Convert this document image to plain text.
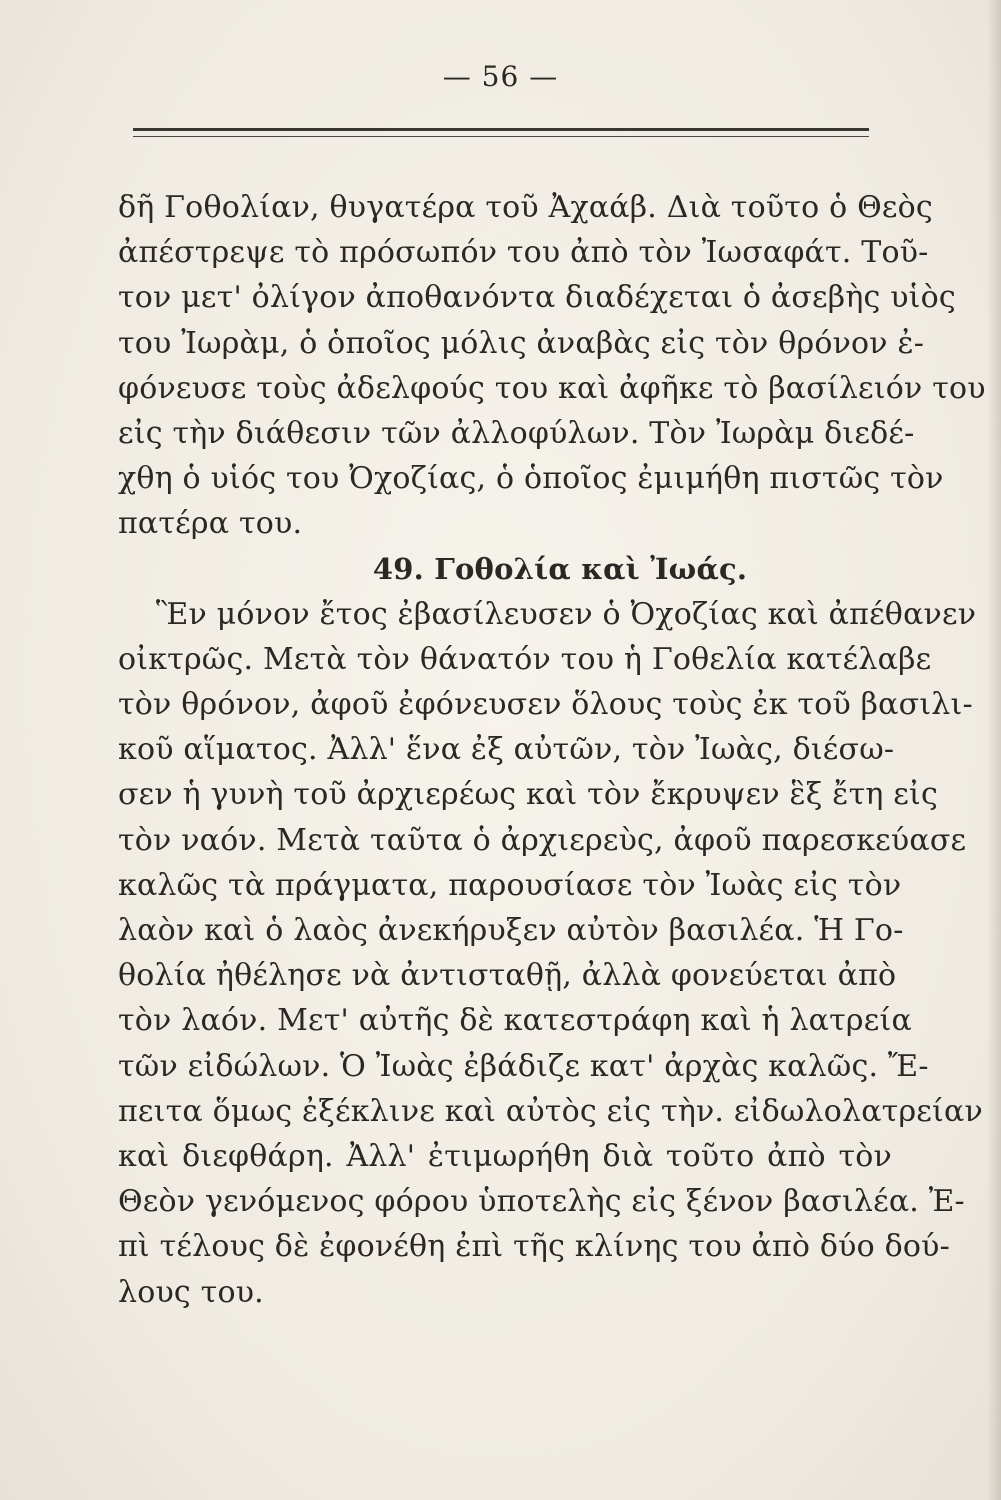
— 56 —
δῆ Γοθολίαν, θυγατέρα τοῦ Ἀχαάβ. Διὰ τοῦτο ὁ Θεὸς
ἀπέστρεψε τὸ πρόσωπόν του ἀπὸ τὸν Ἰωσαφάτ. Τοῦ-
τον μετ' ὀλίγον ἀποθανόντα διαδέχεται ὁ ἀσεβὴς υἱὸς
του Ἰωρὰμ, ὁ ὁποῖος μόλις ἀναβὰς εἰς τὸν θρόνον ἐ-
φόνευσε τοὺς ἀδελφούς του καὶ ἀφῆκε τὸ βασίλειόν του
εἰς τὴν διάθεσιν τῶν ἀλλοφύλων. Τὸν Ἰωρὰμ διεδέ-
χθη ὁ υἱός του Ὀχοζίας, ὁ ὁποῖος ἐμιμήθη πιστῶς τὸν
πατέρα του.
49. Γοθολία καὶ Ἰωάς.
Ἓν μόνον ἔτος ἐβασίλευσεν ὁ Ὀχοζίας καὶ ἀπέθανεν
οἰκτρῶς. Μετὰ τὸν θάνατόν του ἡ Γοθελία κατέλαβε
τὸν θρόνον, ἀφοῦ ἐφόνευσεν ὅλους τοὺς ἐκ τοῦ βασιλι-
κοῦ αἵματος. Ἀλλ' ἕνα ἐξ αὐτῶν, τὸν Ἰωὰς, διέσω-
σεν ἡ γυνὴ τοῦ ἀρχιερέως καὶ τὸν ἔκρυψεν ἓξ ἔτη εἰς
τὸν ναόν. Μετὰ ταῦτα ὁ ἀρχιερεὺς, ἀφοῦ παρεσκεύασε
καλῶς τὰ πράγματα, παρουσίασε τὸν Ἰωὰς εἰς τὸν
λαὸν καὶ ὁ λαὸς ἀνεκήρυξεν αὐτὸν βασιλέα. Ἡ Γο-
θολία ἠθέλησε νὰ ἀντισταθῇ, ἀλλὰ φονεύεται ἀπὸ
τὸν λαόν. Μετ' αὐτῆς δὲ κατεστράφη καὶ ἡ λατρεία
τῶν εἰδώλων. Ὁ Ἰωὰς ἐβάδιζε κατ' ἀρχὰς καλῶς. Ἔ-
πειτα ὅμως ἐξέκλινε καὶ αὐτὸς εἰς τὴν. εἰδωλολατρείαν
καὶ διεφθάρη. Ἀλλ' ἐτιμωρήθη διὰ τοῦτο ἀπὸ τὸν
Θεὸν γενόμενος φόρου ὑποτελὴς εἰς ξένον βασιλέα. Ἐ-
πὶ τέλους δὲ ἐφονέθη ἐπὶ τῆς κλίνης του ἀπὸ δύο δού-
λους του.
